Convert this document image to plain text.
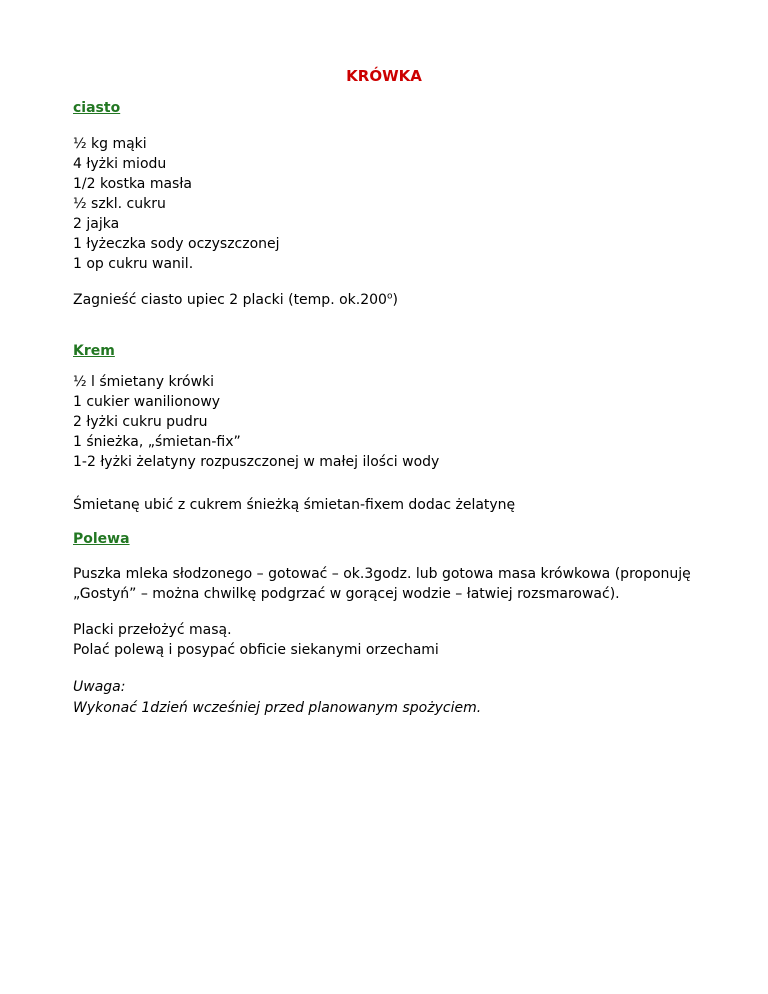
KRÓWKA

ciasto

½ kg mąki
4 łyżki miodu
1/2 kostka masła
½ szkl. cukru
2 jajka
1 łyżeczka sody oczyszczonej
1 op cukru wanil.

Zagnieść ciasto upiec 2 placki (temp. ok.200$^o$)

Krem

½ l śmietany krówki
1 cukier wanilionowy
2 łyżki cukru pudru
1 śnieżka, „śmietan-fix”
1-2 łyżki żelatyny rozpuszczonej w małej ilości wody

Śmietanę ubić z cukrem śnieżką śmietan-fixem dodac żelatynę

Polewa

Puszka mleka słodzonego – gotować – ok.3godz. lub gotowa masa krówkowa (proponuję

„Gostyń” – można chwilkę podgrzać w gorącej wodzie – łatwiej rozsmarować).

Placki przełożyć masą.
Polać polewą i posypać obficie siekanymi orzechami

Uwaga:

Wykonać 1dzień wcześniej przed planowanym spożyciem.
